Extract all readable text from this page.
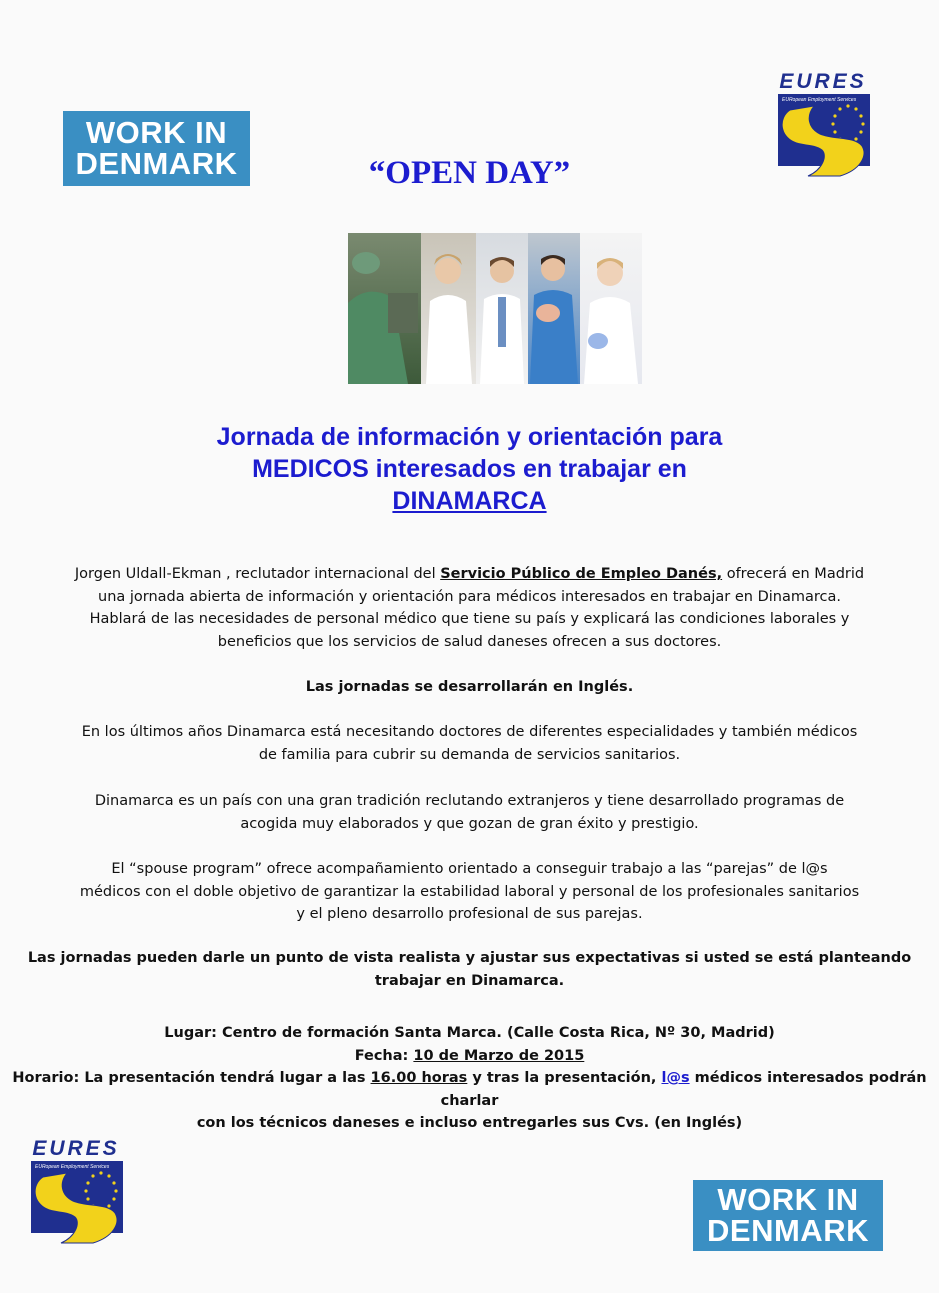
WORK IN
DENMARK
EURES
EURopean Employment Services
“OPEN DAY”
Jornada de información y orientación para
MEDICOS interesados en trabajar en
DINAMARCA
Jorgen Uldall-Ekman , reclutador internacional del Servicio Público de Empleo Danés, ofrecerá en Madrid
una jornada abierta de información y orientación para médicos interesados en trabajar en Dinamarca.
Hablará de las necesidades de personal médico que tiene su país y explicará las condiciones laborales y
beneficios que los servicios de salud daneses ofrecen a sus doctores.
Las jornadas se desarrollarán en Inglés.
En los últimos años Dinamarca está necesitando doctores de diferentes especialidades y también médicos
de familia para cubrir su demanda de servicios sanitarios.
Dinamarca es un país con una gran tradición reclutando extranjeros y tiene desarrollado programas de
acogida muy elaborados y que gozan de gran éxito y prestigio.
El “spouse program” ofrece acompañamiento orientado a conseguir trabajo a las “parejas” de l@s
médicos con el doble objetivo de garantizar la estabilidad laboral y personal de los profesionales sanitarios
y el pleno desarrollo profesional de sus parejas.
Las jornadas pueden darle un punto de vista realista y ajustar sus expectativas si usted se está planteando
trabajar en Dinamarca.
Lugar: Centro de formación Santa Marca. (Calle Costa Rica, Nº 30, Madrid)
Fecha: 10 de Marzo de 2015
Horario: La presentación tendrá lugar a las 16.00 horas y tras la presentación, l@s médicos interesados podrán charlar
con los técnicos daneses e incluso entregarles sus Cvs. (en Inglés)
EURES
EURopean Employment Services
WORK IN
DENMARK
